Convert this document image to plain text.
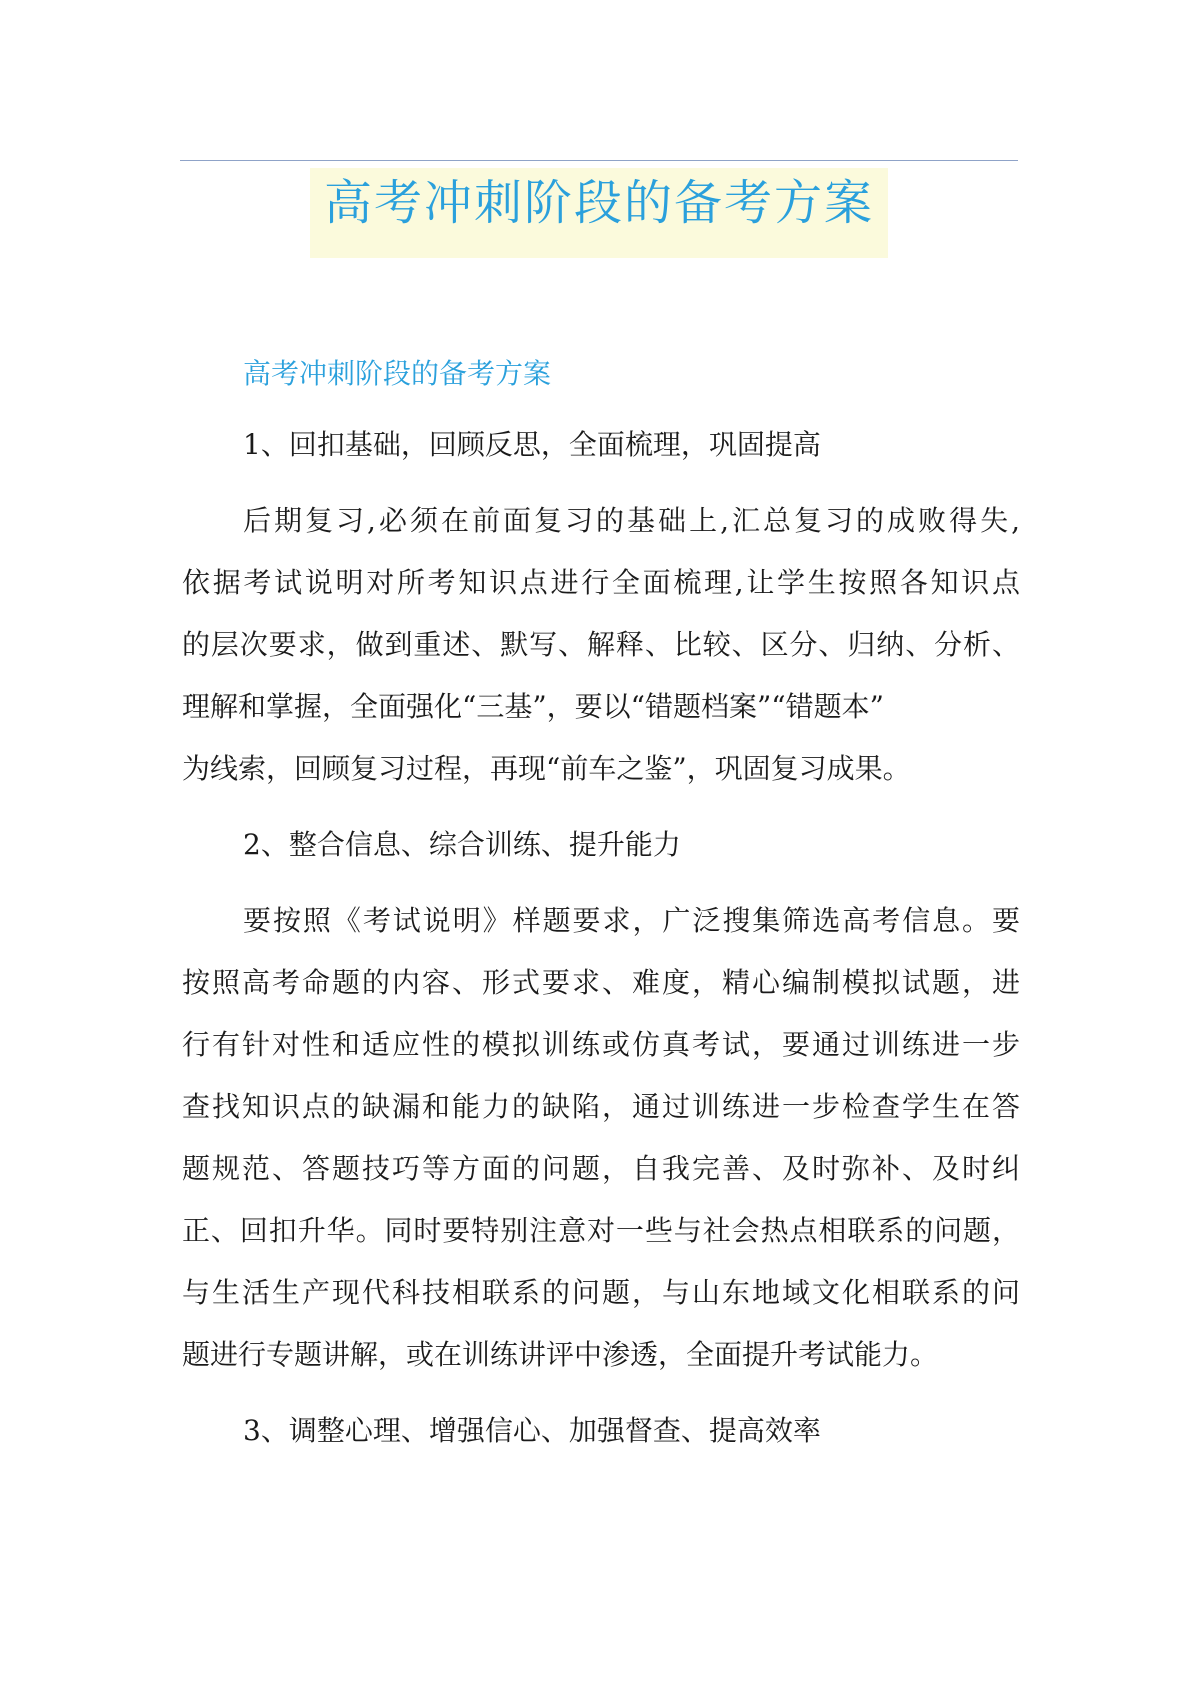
高考冲刺阶段的备考方案
高考冲刺阶段的备考方案
1、回扣基础，回顾反思，全面梳理，巩固提高

后期复习,必须在前面复习的基础上,汇总复习的成败得失,
依据考试说明对所考知识点进行全面梳理,让学生按照各知识点
的层次要求，做到重述、默写、解释、比较、区分、归纳、分析、
理解和掌握，全面强化“三基”，要以“错题档案”“错题本”
为线索，回顾复习过程，再现“前车之鉴”，巩固复习成果。

2、整合信息、综合训练、提升能力

要按照《考试说明》样题要求，广泛搜集筛选高考信息。要
按照高考命题的内容、形式要求、难度，精心编制模拟试题，进
行有针对性和适应性的模拟训练或仿真考试，要通过训练进一步
查找知识点的缺漏和能力的缺陷，通过训练进一步检查学生在答
题规范、答题技巧等方面的问题，自我完善、及时弥补、及时纠
正、回扣升华。同时要特别注意对一些与社会热点相联系的问题，
与生活生产现代科技相联系的问题，与山东地域文化相联系的问
题进行专题讲解，或在训练讲评中渗透，全面提升考试能力。

3、调整心理、增强信心、加强督查、提高效率
